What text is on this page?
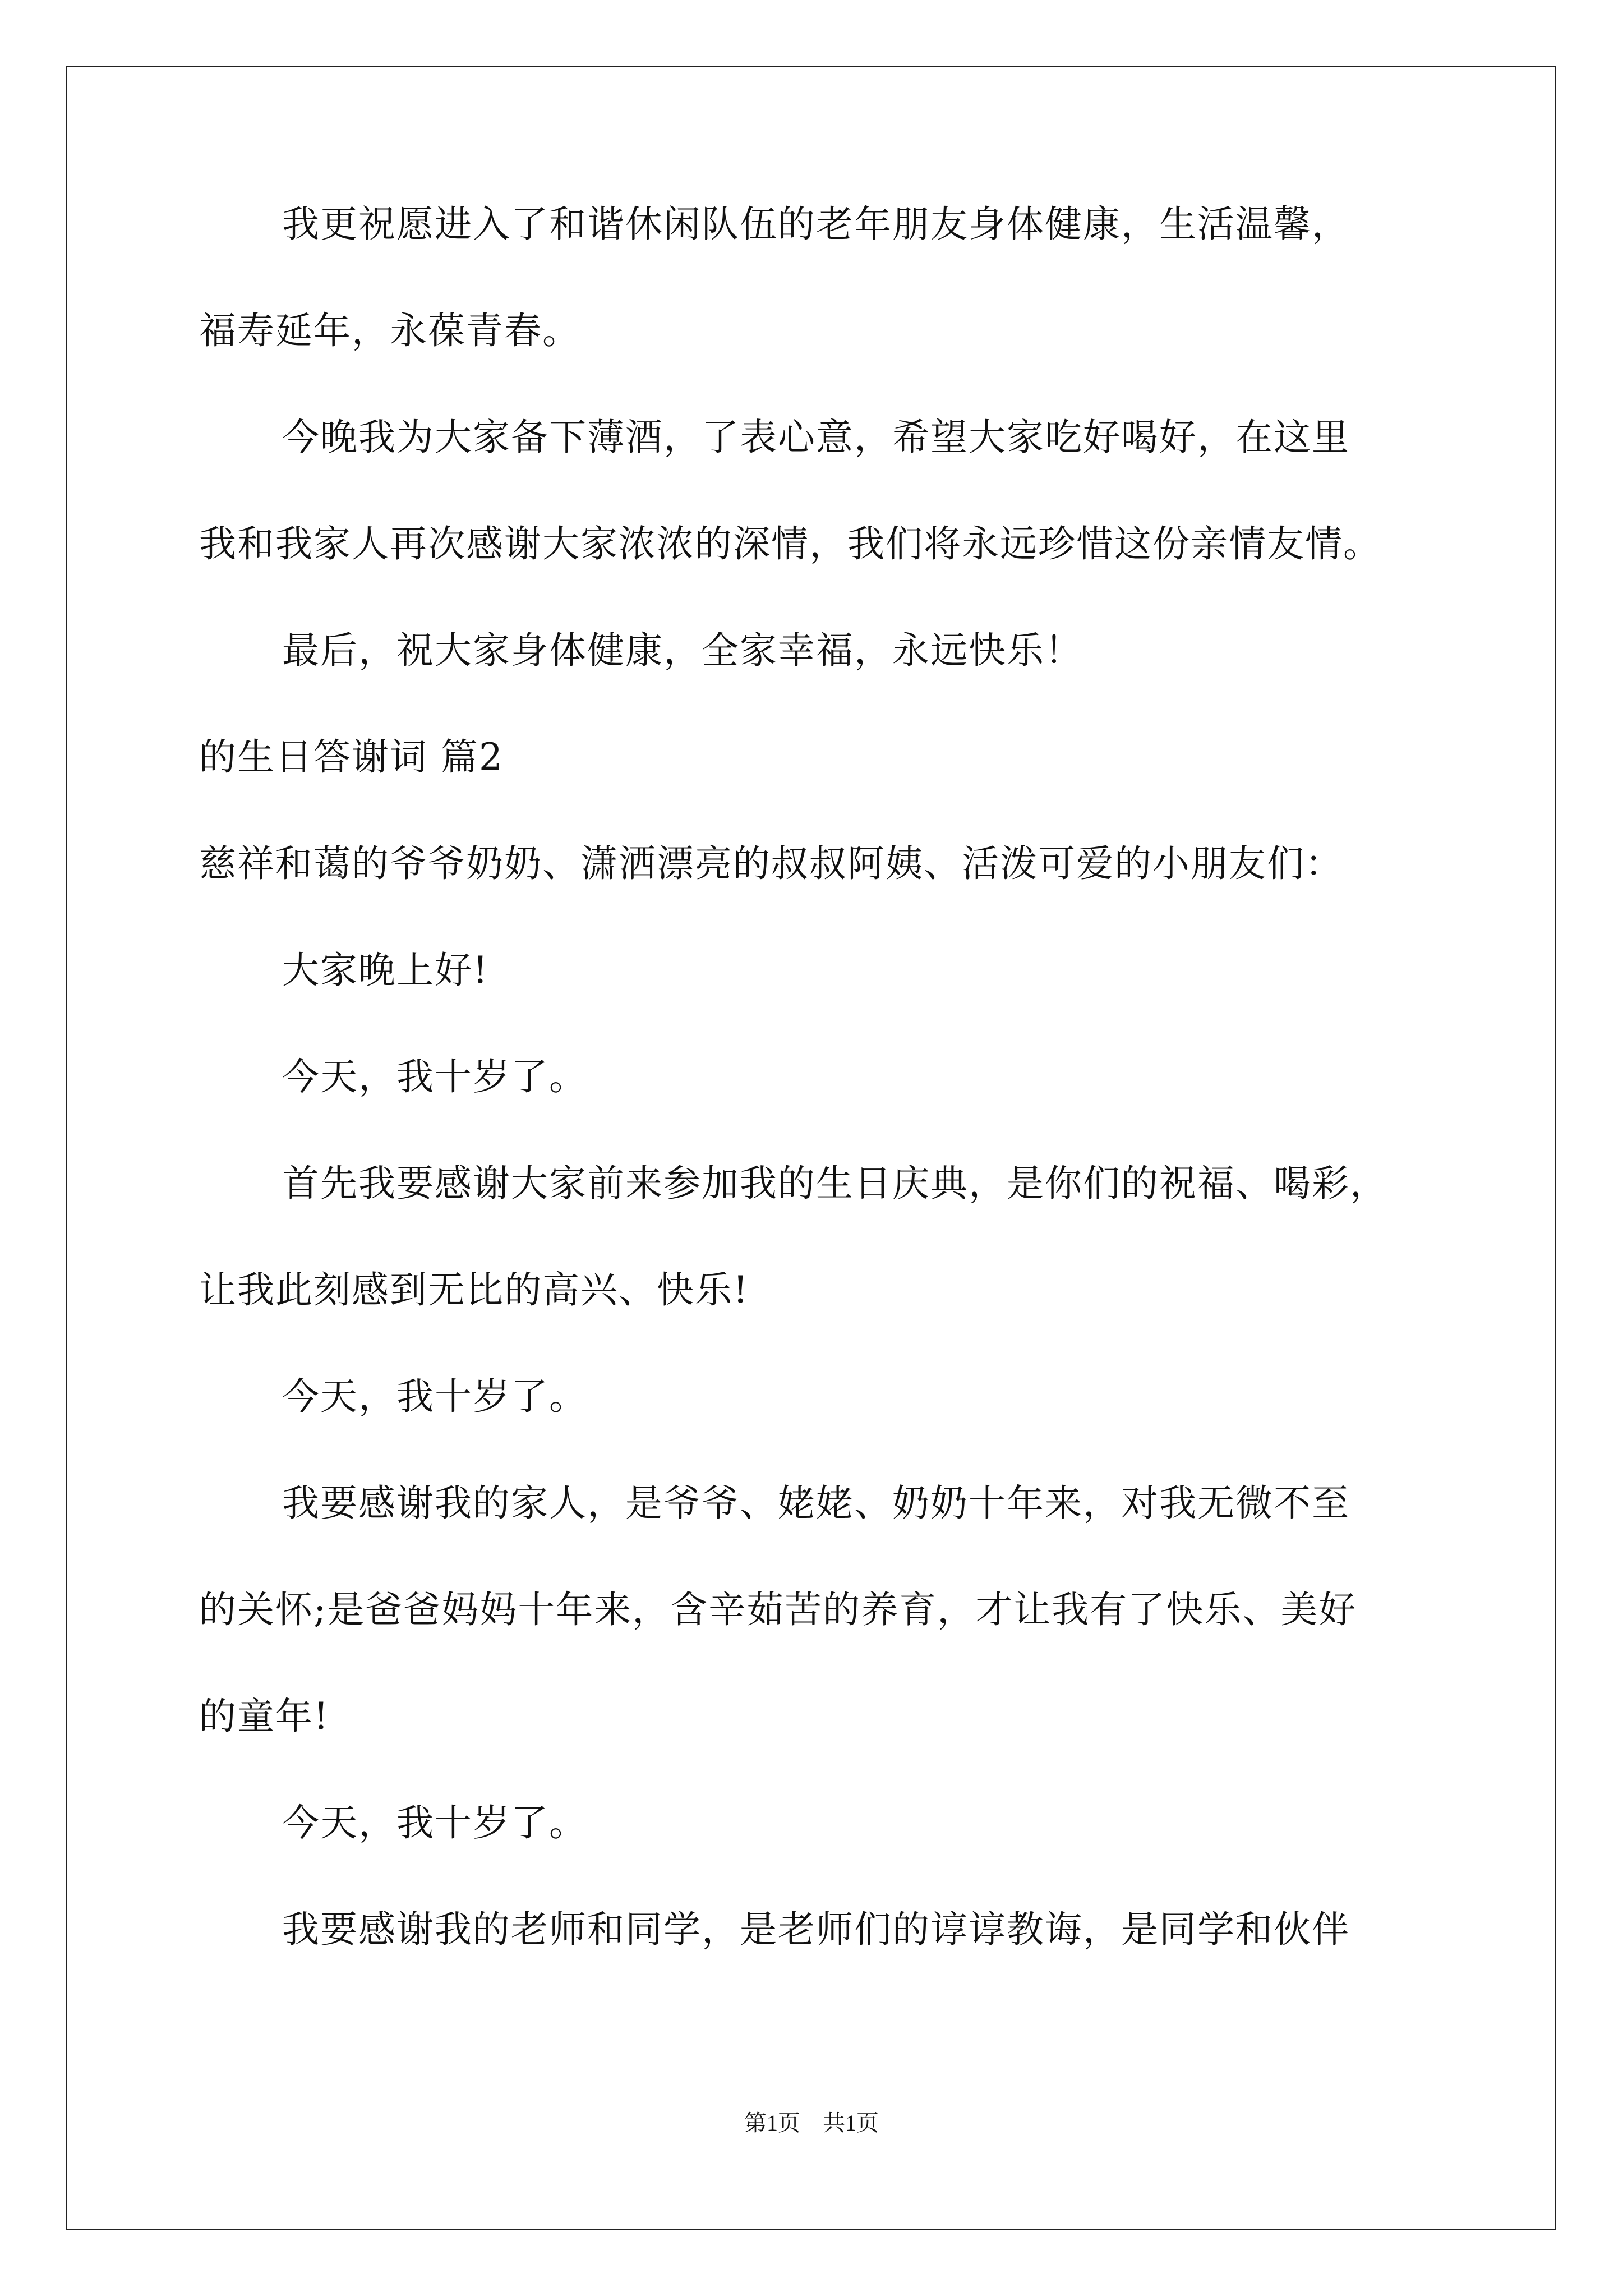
我更祝愿进入了和谐休闲队伍的老年朋友身体健康，生活温馨，
福寿延年，永葆青春。
今晚我为大家备下薄酒，了表心意，希望大家吃好喝好，在这里
我和我家人再次感谢大家浓浓的深情，我们将永远珍惜这份亲情友情。
最后，祝大家身体健康，全家幸福，永远快乐！
的生日答谢词 篇2
慈祥和蔼的爷爷奶奶、潇洒漂亮的叔叔阿姨、活泼可爱的小朋友们：
大家晚上好!
今天，我十岁了。
首先我要感谢大家前来参加我的生日庆典，是你们的祝福、喝彩，
让我此刻感到无比的高兴、快乐!
今天，我十岁了。
我要感谢我的家人，是爷爷、姥姥、奶奶十年来，对我无微不至
的关怀;是爸爸妈妈十年来，含辛茹苦的养育，才让我有了快乐、美好
的童年!
今天，我十岁了。
我要感谢我的老师和同学，是老师们的谆谆教诲，是同学和伙伴
第1页　共1页
